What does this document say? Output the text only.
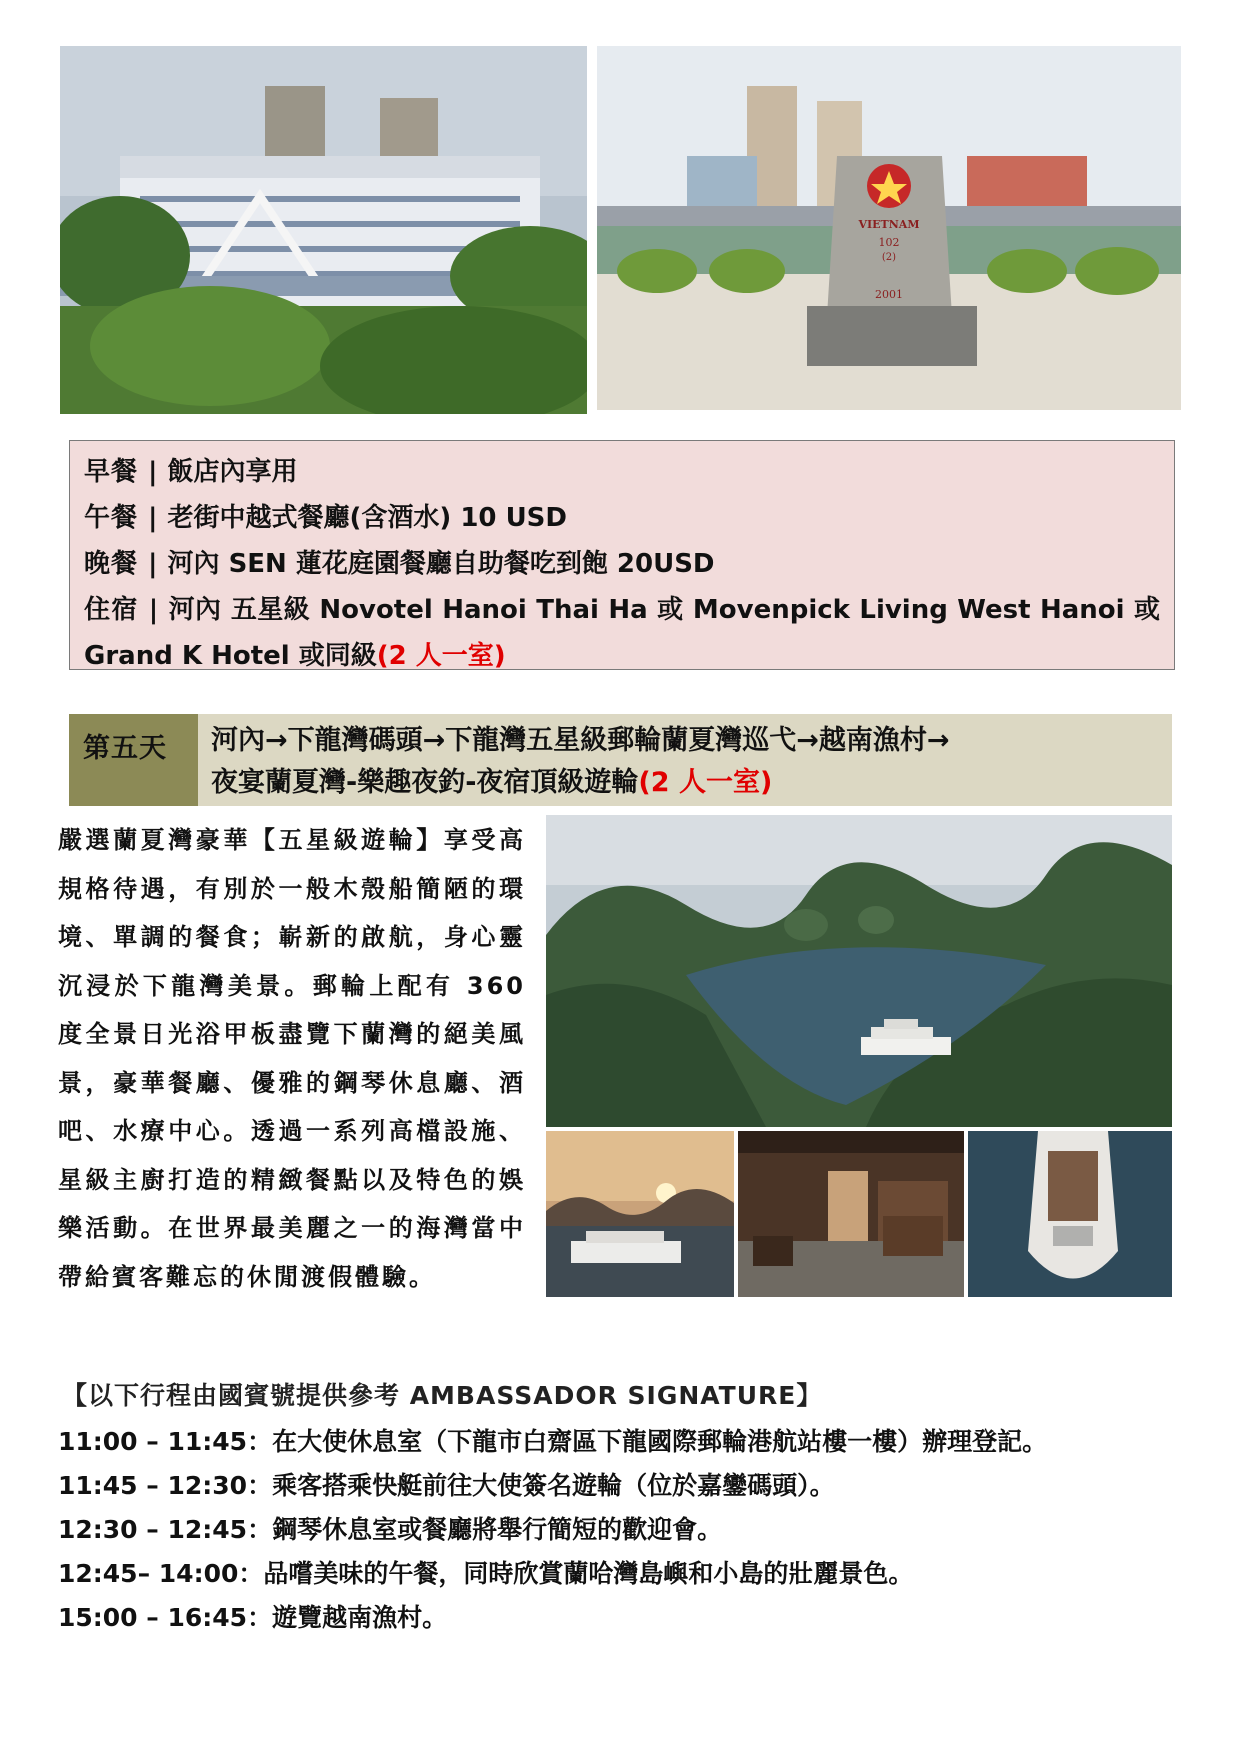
VIETNAM
102
(2)
2001
早餐 | 飯店內享用
午餐 | 老街中越式餐廳(含酒水) 10 USD
晚餐 | 河內 SEN 蓮花庭園餐廳自助餐吃到飽 20USD
住宿 | 河內 五星級 Novotel Hanoi Thai Ha 或 Movenpick Living West Hanoi 或 Grand K Hotel 或同級(2 人一室)
第五天	河內→下龍灣碼頭→下龍灣五星級郵輪蘭夏灣巡弋→越南漁村→
夜宴蘭夏灣-樂趣夜釣-夜宿頂級遊輪(2 人一室)
嚴選蘭夏灣豪華【五星級遊輪】享受高規格待遇，有別於一般木殼船簡陋的環境、單調的餐食；嶄新的啟航，身心靈沉浸於下龍灣美景。郵輪上配有 360 度全景日光浴甲板盡覽下蘭灣的絕美風景，豪華餐廳、優雅的鋼琴休息廳、酒吧、水療中心。透過一系列高檔設施、星級主廚打造的精緻餐點以及特色的娛樂活動。在世界最美麗之一的海灣當中帶給賓客難忘的休閒渡假體驗。
【以下行程由國賓號提供參考 AMBASSADOR SIGNATURE】
11:00 – 11:45：在大使休息室（下龍市白齋區下龍國際郵輪港航站樓一樓）辦理登記。
11:45 – 12:30：乘客搭乘快艇前往大使簽名遊輪（位於嘉鑾碼頭）。
12:30 – 12:45：鋼琴休息室或餐廳將舉行簡短的歡迎會。
12:45– 14:00：品嚐美味的午餐，同時欣賞蘭哈灣島嶼和小島的壯麗景色。
15:00 – 16:45：遊覽越南漁村。
